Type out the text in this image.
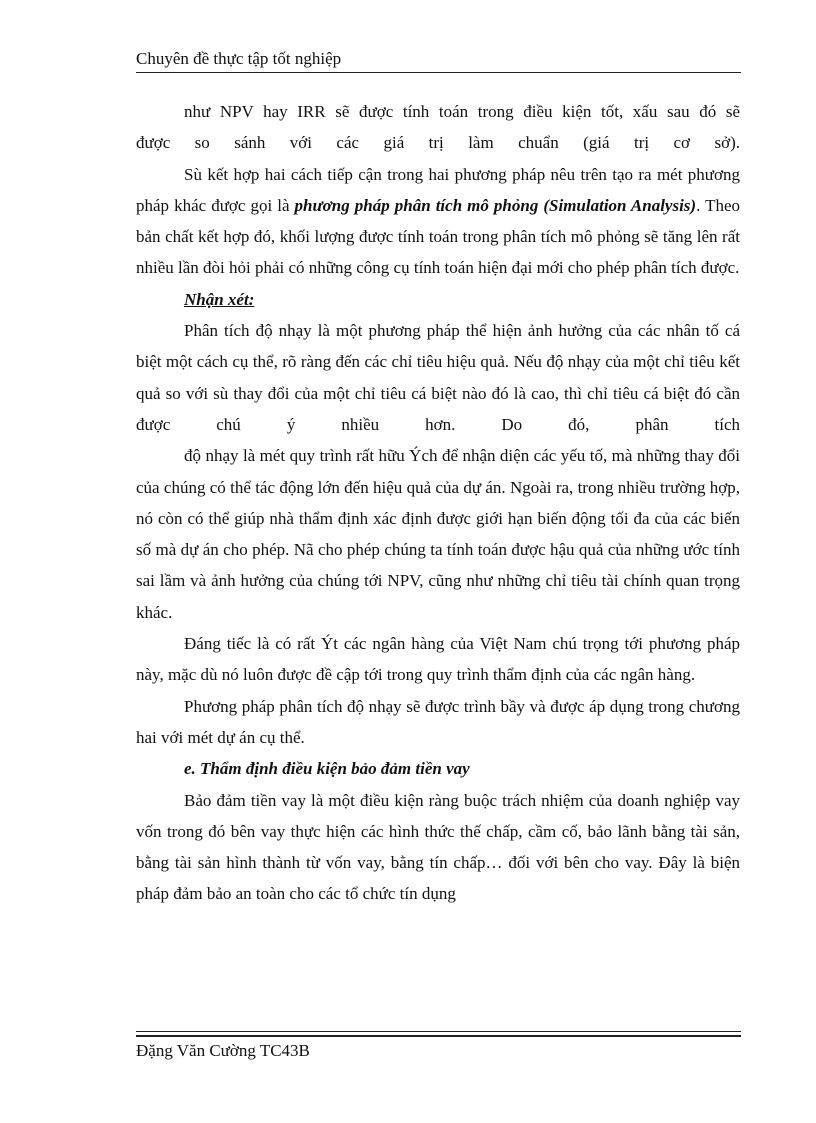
Chuyên đề thực tập tốt nghiệp

như NPV hay IRR sẽ được tính toán trong điều kiện tốt, xấu sau đó sẽ

được so sánh với các giá trị làm chuẩn (giá trị cơ sở).

Sù kết hợp hai cách tiếp cận trong hai phương pháp nêu trên tạo ra mét phương pháp khác được gọi là phương pháp phân tích mô phỏng (Simulation Analysis). Theo bản chất kết hợp đó, khối lượng được tính toán trong phân tích mô phỏng sẽ tăng lên rất nhiều lần đòi hỏi phải có những công cụ tính toán hiện đại mới cho phép phân tích được.

Nhận xét:

Phân tích độ nhạy là một phương pháp thể hiện ảnh hưởng của các nhân tố cá biệt một cách cụ thể, rõ ràng đến các chỉ tiêu hiệu quả. Nếu độ nhạy của một chỉ tiêu kết quả so với sù thay đổi của một chỉ tiêu cá biệt nào đó là cao, thì chỉ tiêu cá biệt đó cần được chú ý nhiều hơn. Do đó, phân tích

độ nhạy là mét quy trình rất hữu Ých để nhận diện các yếu tố, mà những thay đổi của chúng có thể tác động lớn đến hiệu quả của dự án. Ngoài ra, trong nhiều trường hợp, nó còn có thể giúp nhà thẩm định xác định được giới hạn biến động tối đa của các biến số mà dự án cho phép. Nã cho phép chúng ta tính toán được hậu quả của những ước tính sai lầm và ảnh hưởng của chúng tới NPV, cũng như những chỉ tiêu tài chính quan trọng khác.

Đáng tiếc là có rất Ýt các ngân hàng của Việt Nam chú trọng tới phương pháp này, mặc dù nó luôn được đề cập tới trong quy trình thẩm định của các ngân hàng.

Phương pháp phân tích độ nhạy sẽ được trình bầy và được áp dụng trong chương hai với mét dự án cụ thể.

e. Thẩm định điều kiện bảo đảm tiền vay

Bảo đảm tiền vay là một điều kiện ràng buộc trách nhiệm của doanh nghiệp vay vốn trong đó bên vay thực hiện các hình thức thế chấp, cầm cố, bảo lãnh bằng tài sản, bằng tài sản hình thành từ vốn vay, bằng tín chấp… đối với bên cho vay. Đây là biện pháp đảm bảo an toàn cho các tổ chức tín dụng

Đặng Văn Cường TC43B
